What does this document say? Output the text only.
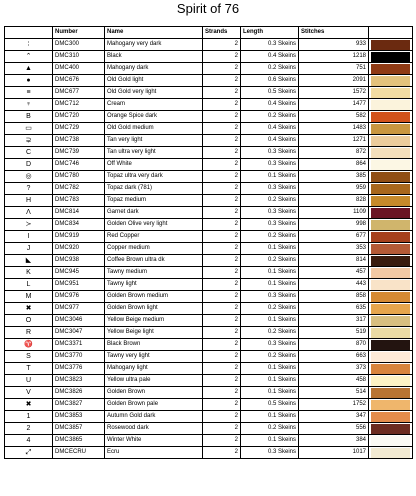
Spirit of 76
	Number	Name	Strands	Length	Stitches	
∶	DMC300	Mahogany very dark	2	0.3 Skeins	933	

⌃	DMC310	Black	2	0.4 Skeins	1218	

▲	DMC400	Mahogany dark	2	0.2 Skeins	751	

●	DMC676	Old Gold light	2	0.6 Skeins	2091	

≡	DMC677	Old Gold very light	2	0.5 Skeins	1572	

♆	DMC712	Cream	2	0.4 Skeins	1477	

B	DMC720	Orange Spice dark	2	0.2 Skeins	582	

▭	DMC729	Old Gold medium	2	0.4 Skeins	1483	

⊋	DMC738	Tan very light	2	0.4 Skeins	1271	

C	DMC739	Tan ultra very light	2	0.3 Skeins	872	

D	DMC746	Off White	2	0.3 Skeins	864	

◎	DMC780	Topaz ultra very dark	2	0.1 Skeins	385	

?	DMC782	Topaz dark (781)	2	0.3 Skeins	959	

H	DMC783	Topaz medium	2	0.2 Skeins	828	

Λ	DMC814	Garnet dark	2	0.3 Skeins	1109	

≻	DMC834	Golden Olive very light	2	0.3 Skeins	998	

I	DMC919	Red Copper	2	0.2 Skeins	677	

J	DMC920	Copper medium	2	0.1 Skeins	353	

◣	DMC938	Coffee Brown ultra dk	2	0.2 Skeins	814	

K	DMC945	Tawny medium	2	0.1 Skeins	457	

L	DMC951	Tawny light	2	0.1 Skeins	443	

M	DMC976	Golden Brown medium	2	0.3 Skeins	858	

✖	DMC977	Golden Brown light	2	0.2 Skeins	635	

O	DMC3046	Yellow Beige medium	2	0.1 Skeins	317	

R	DMC3047	Yellow Beige light	2	0.2 Skeins	519	

♈	DMC3371	Black Brown	2	0.3 Skeins	870	

S	DMC3770	Tawny very light	2	0.2 Skeins	663	

T	DMC3776	Mahogany light	2	0.1 Skeins	373	

U	DMC3823	Yellow ultra pale	2	0.1 Skeins	458	

V	DMC3826	Golden Brown	2	0.1 Skeins	514	

✖	DMC3827	Golden Brown pale	2	0.5 Skeins	1752	

1	DMC3853	Autumn Gold dark	2	0.1 Skeins	347	

2	DMC3857	Rosewood dark	2	0.2 Skeins	556	

4	DMC3865	Winter White	2	0.1 Skeins	384	

⤢	DMCECRU	Ecru	2	0.3 Skeins	1017	
